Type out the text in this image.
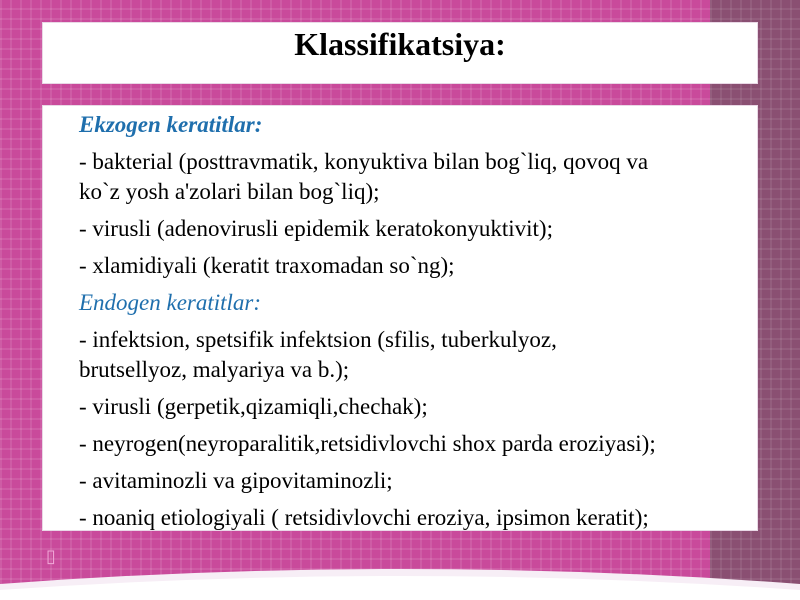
Klassifikatsiya:

Ekzogen keratitlar:

- bakterial (posttravmatik, konyuktiva bilan bog`liq, qovoq va

ko`z yosh a'zolari bilan bog`liq);

- virusli (adenovirusli epidemik keratokonyuktivit);

- xlamidiyali (keratit traxomadan so`ng);

Endogen keratitlar:

- infektsion, spetsifik infektsion (sfilis, tuberkulyoz,

brutsellyoz, malyariya va b.);

- virusli (gerpetik,qizamiqli,chechak);

- neyrogen(neyroparalitik,retsidivlovchi shox parda eroziyasi);

- avitaminozli va gipovitaminozli;

- noaniq etiologiyali ( retsidivlovchi eroziya, ipsimon keratit);

▯
